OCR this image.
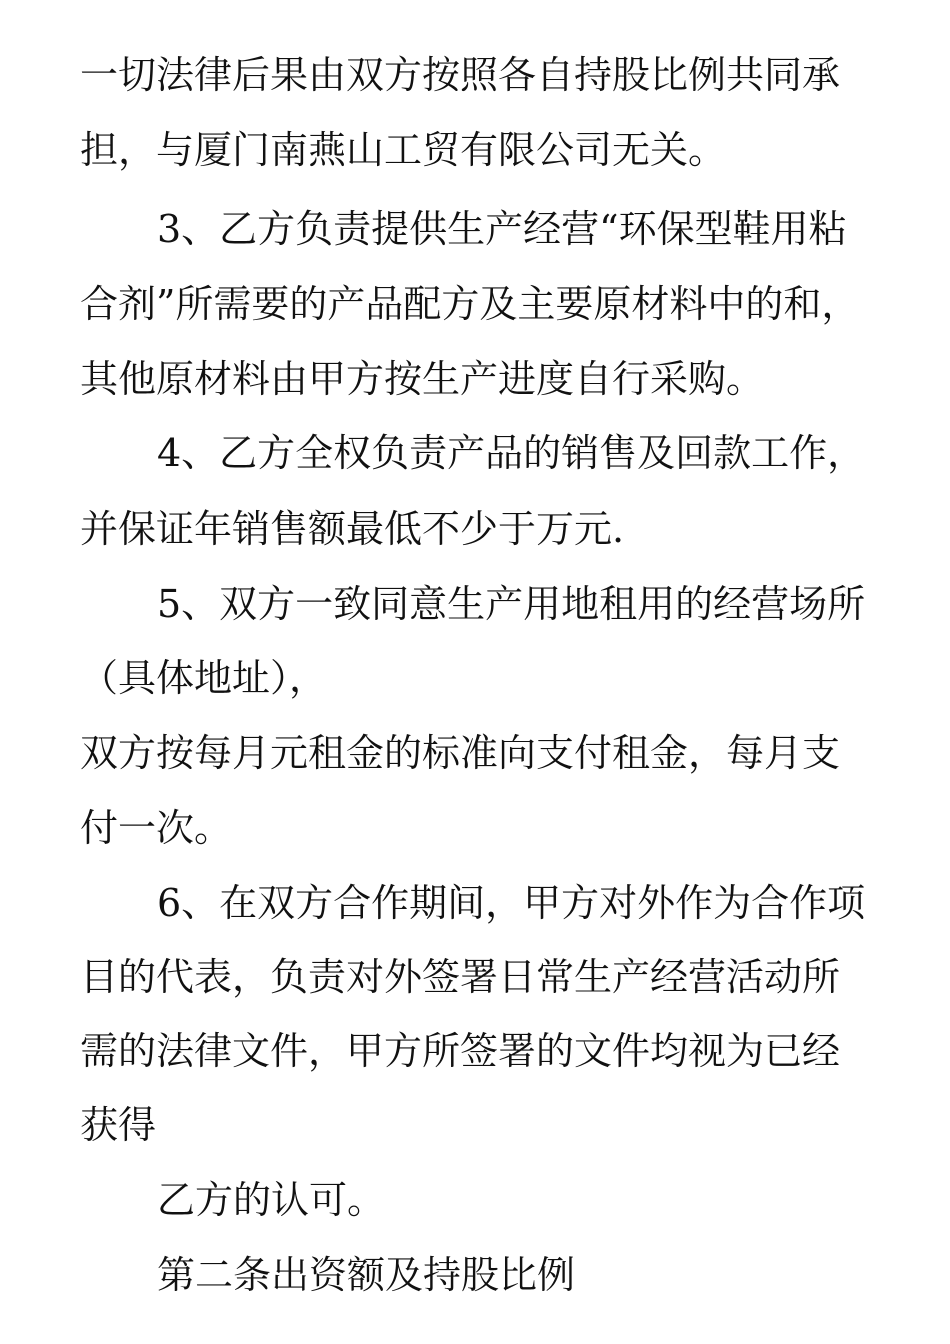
一切法律后果由双方按照各自持股比例共同承
担，与厦门南燕山工贸有限公司无关。
3、乙方负责提供生产经营“环保型鞋用粘
合剂”所需要的产品配方及主要原材料中的和，
其他原材料由甲方按生产进度自行采购。
4、乙方全权负责产品的销售及回款工作，
并保证年销售额最低不少于万元.
5、双方一致同意生产用地租用的经营场所
（具体地址），
双方按每月元租金的标准向支付租金，每月支
付一次。
6、在双方合作期间，甲方对外作为合作项
目的代表，负责对外签署日常生产经营活动所
需的法律文件，甲方所签署的文件均视为已经
获得
乙方的认可。
第二条出资额及持股比例
